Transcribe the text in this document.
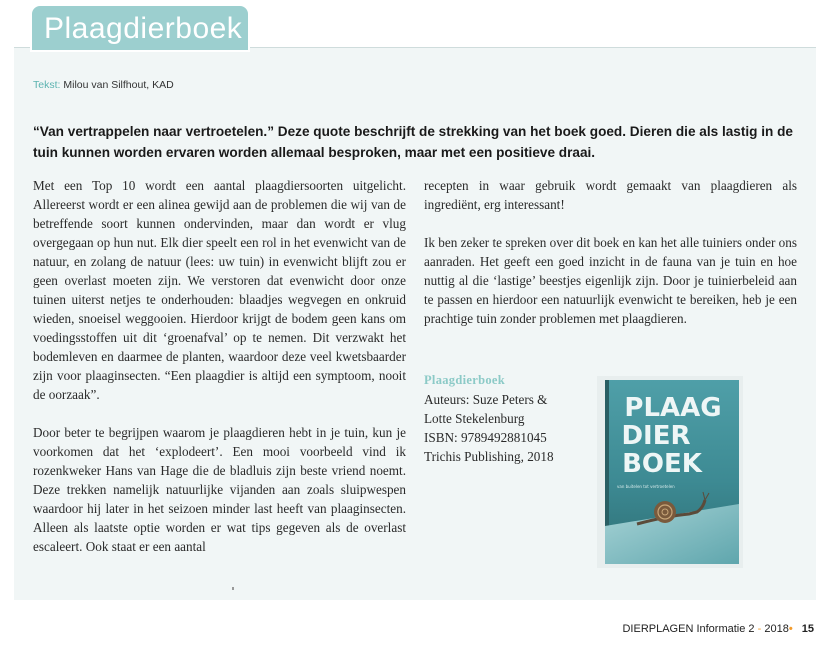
Plaagdierboek
Tekst: Milou van Silfhout, KAD
“Van vertrappelen naar vertroetelen.” Deze quote beschrijft de strekking van het boek goed. Dieren die als lastig in de tuin kunnen worden ervaren worden allemaal besproken, maar met een positieve draai.

Met een Top 10 wordt een aantal plaagdiersoorten uitgelicht. Allereerst wordt er een alinea gewijd aan de problemen die wij van de betreffende soort kunnen ondervinden, maar dan wordt er vlug overgegaan op hun nut. Elk dier speelt een rol in het evenwicht van de natuur, en zolang de natuur (lees: uw tuin) in evenwicht blijft zou er geen overlast moeten zijn. We verstoren dat evenwicht door onze tuinen uiterst netjes te onderhouden: blaadjes wegvegen en onkruid wieden, snoeisel weggooien. Hierdoor krijgt de bodem geen kans om voedingsstoffen uit dit ‘groenafval’ op te nemen. Dit verzwakt het bodemleven en daarmee de planten, waardoor deze veel kwetsbaarder zijn voor plaaginsecten. “Een plaagdier is altijd een symptoom, nooit de oorzaak”.

Door beter te begrijpen waarom je plaagdieren hebt in je tuin, kun je voorkomen dat het ‘explodeert’. Een mooi voorbeeld vind ik rozenkweker Hans van Hage die de bladluis zijn beste vriend noemt. Deze trekken namelijk natuurlijke vijanden aan zoals sluipwespen waardoor hij later in het seizoen minder last heeft van plaaginsecten. Alleen als laatste optie worden er wat tips gegeven als de overlast escaleert. Ook staat er een aantal

recepten in waar gebruik wordt gemaakt van plaagdieren als ingrediënt, erg interessant!

Ik ben zeker te spreken over dit boek en kan het alle tuiniers onder ons aanraden. Het geeft een goed inzicht in de fauna van je tuin en hoe nuttig al die ‘lastige’ beestjes eigenlijk zijn. Door je tuinierbeleid aan te passen en hierdoor een natuurlijk evenwicht te bereiken, heb je een prachtige tuin zonder problemen met plaagdieren.

Plaagdierboek
Auteurs: Suze Peters &
Lotte Stekelenburg
ISBN: 9789492881045
Trichis Publishing, 2018
PLAAG
DIER
BOEK
van buitelen tot vertroetelen
DIERPLAGEN Informatie 2 - 2018• 15
